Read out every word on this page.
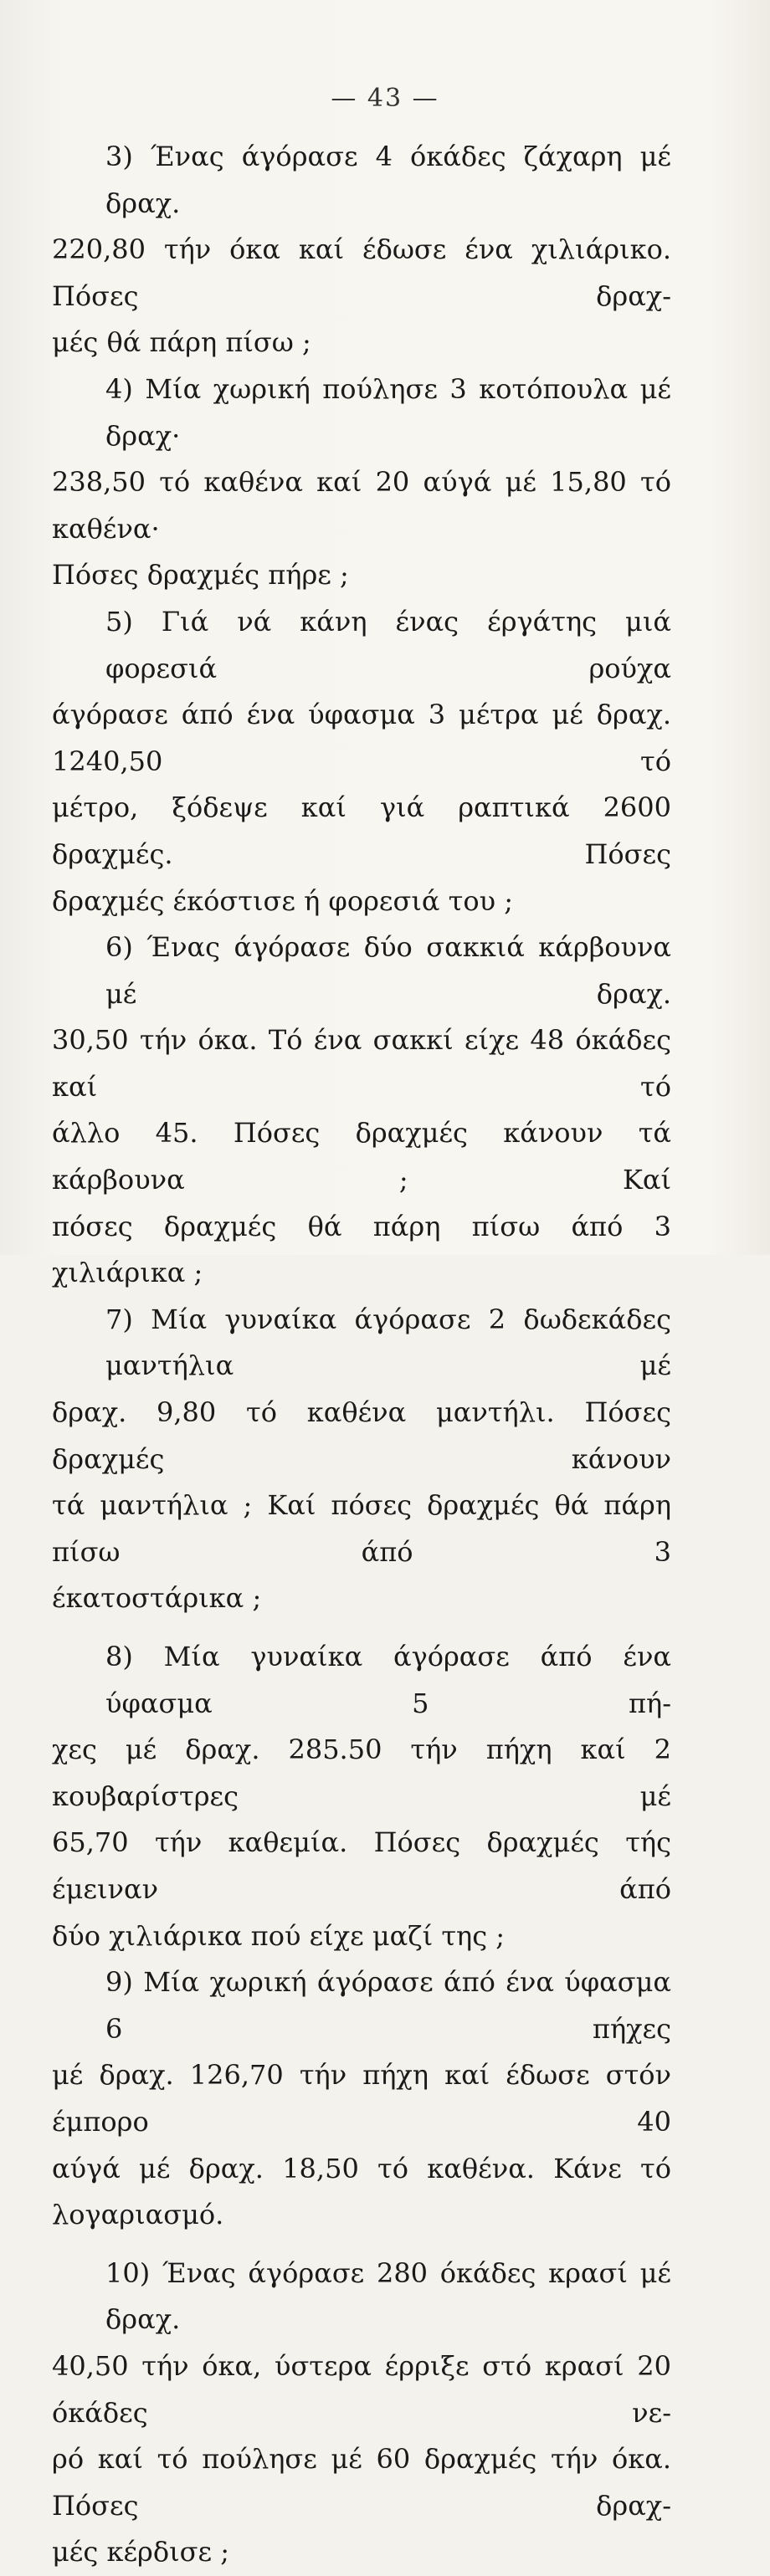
— 43 —

3) Ένας άγόρασε 4 όκάδες ζάχαρη μέ δραχ.
220,80 τήν όκα καί έδωσε ένα χιλιάρικο. Πόσες δραχ-
μές θά πάρη πίσω ;

4) Μία χωρική πούλησε 3 κοτόπουλα μέ δραχ·
238,50 τό καθένα καί 20 αύγά μέ 15,80 τό καθένα·
Πόσες δραχμές πήρε ;

5) Γιά νά κάνη ένας έργάτης μιά φορεσιά ρούχα
άγόρασε άπό ένα ύφασμα 3 μέτρα μέ δραχ. 1240,50 τό
μέτρο, ξόδεψε καί γιά ραπτικά 2600 δραχμές. Πόσες
δραχμές έκόστισε ή φορεσιά του ;

6) Ένας άγόρασε δύο σακκιά κάρβουνα μέ δραχ.
30,50 τήν όκα. Τό ένα σακκί είχε 48 όκάδες καί τό
άλλο 45. Πόσες δραχμές κάνουν τά κάρβουνα ; Καί
πόσες δραχμές θά πάρη πίσω άπό 3 χιλιάρικα ;

7) Μία γυναίκα άγόρασε 2 δωδεκάδες μαντήλια μέ
δραχ. 9,80 τό καθένα μαντήλι. Πόσες δραχμές κάνουν
τά μαντήλια ; Καί πόσες δραχμές θά πάρη πίσω άπό 3
έκατοστάρικα ;

8) Μία γυναίκα άγόρασε άπό ένα ύφασμα 5 πή-
χες μέ δραχ. 285.50 τήν πήχη καί 2 κουβαρίστρες μέ
65,70 τήν καθεμία. Πόσες δραχμές τής έμειναν άπό
δύο χιλιάρικα πού είχε μαζί της ;

9) Μία χωρική άγόρασε άπό ένα ύφασμα 6 πήχες
μέ δραχ. 126,70 τήν πήχη καί έδωσε στόν έμπορο 40
αύγά μέ δραχ. 18,50 τό καθένα. Κάνε τό λογαριασμό.

10) Ένας άγόρασε 280 όκάδες κρασί μέ δραχ.
40,50 τήν όκα, ύστερα έρριξε στό κρασί 20 όκάδες νε-
ρό καί τό πούλησε μέ 60 δραχμές τήν όκα. Πόσες δραχ-
μές κέρδισε ;
